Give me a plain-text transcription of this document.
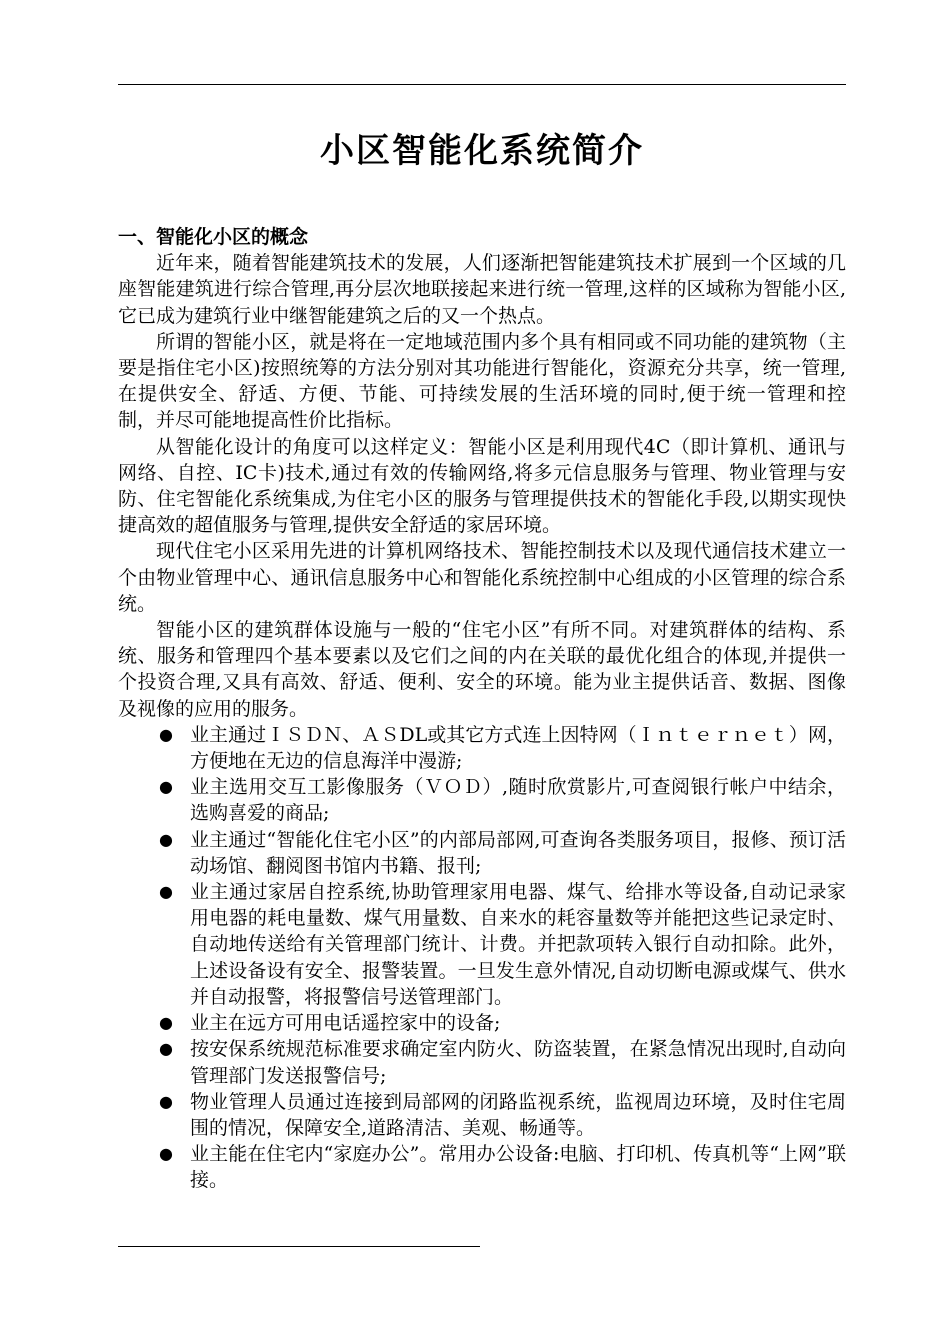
小区智能化系统简介
一、智能化小区的概念

近年来，随着智能建筑技术的发展，人们逐渐把智能建筑技术扩展到一个区域的几座智能建筑进行综合管理,再分层次地联接起来进行统一管理,这样的区域称为智能小区,它已成为建筑行业中继智能建筑之后的又一个热点。

所谓的智能小区，就是将在一定地域范围内多个具有相同或不同功能的建筑物（主要是指住宅小区)按照统筹的方法分别对其功能进行智能化，资源充分共享，统一管理,在提供安全、舒适、方便、节能、可持续发展的生活环境的同时,便于统一管理和控制，并尽可能地提高性价比指标。

从智能化设计的角度可以这样定义：智能小区是利用现代4C（即计算机、通讯与网络、自控、IC卡)技术,通过有效的传输网络,将多元信息服务与管理、物业管理与安防、住宅智能化系统集成,为住宅小区的服务与管理提供技术的智能化手段,以期实现快捷高效的超值服务与管理,提供安全舒适的家居环境。

现代住宅小区采用先进的计算机网络技术、智能控制技术以及现代通信技术建立一个由物业管理中心、通讯信息服务中心和智能化系统控制中心组成的小区管理的综合系统。

智能小区的建筑群体设施与一般的“住宅小区”有所不同。对建筑群体的结构、系统、服务和管理四个基本要素以及它们之间的内在关联的最优化组合的体现,并提供一个投资合理,又具有高效、舒适、便利、安全的环境。能为业主提供话音、数据、图像及视像的应用的服务。

● 业主通过ＩＳＤＮ、ＡＳDL或其它方式连上因特网（Ｉｎｔｅｒｎｅｔ）网，方便地在无边的信息海洋中漫游;
● 业主选用交互工影像服务（ＶＯＤ）,随时欣赏影片,可查阅银行帐户中结余，选购喜爱的商品;
● 业主通过“智能化住宅小区”的内部局部网,可查询各类服务项目，报修、预订活动场馆、翻阅图书馆内书籍、报刊;
● 业主通过家居自控系统,协助管理家用电器、煤气、给排水等设备,自动记录家用电器的耗电量数、煤气用量数、自来水的耗容量数等并能把这些记录定时、自动地传送给有关管理部门统计、计费。并把款项转入银行自动扣除。此外，上述设备设有安全、报警装置。一旦发生意外情况,自动切断电源或煤气、供水并自动报警，将报警信号送管理部门。
● 业主在远方可用电话遥控家中的设备;
● 按安保系统规范标准要求确定室内防火、防盗装置，在紧急情况出现时,自动向管理部门发送报警信号;
● 物业管理人员通过连接到局部网的闭路监视系统，监视周边环境，及时住宅周围的情况，保障安全,道路清洁、美观、畅通等。
● 业主能在住宅内“家庭办公”。常用办公设备:电脑、打印机、传真机等“上网”联接。
